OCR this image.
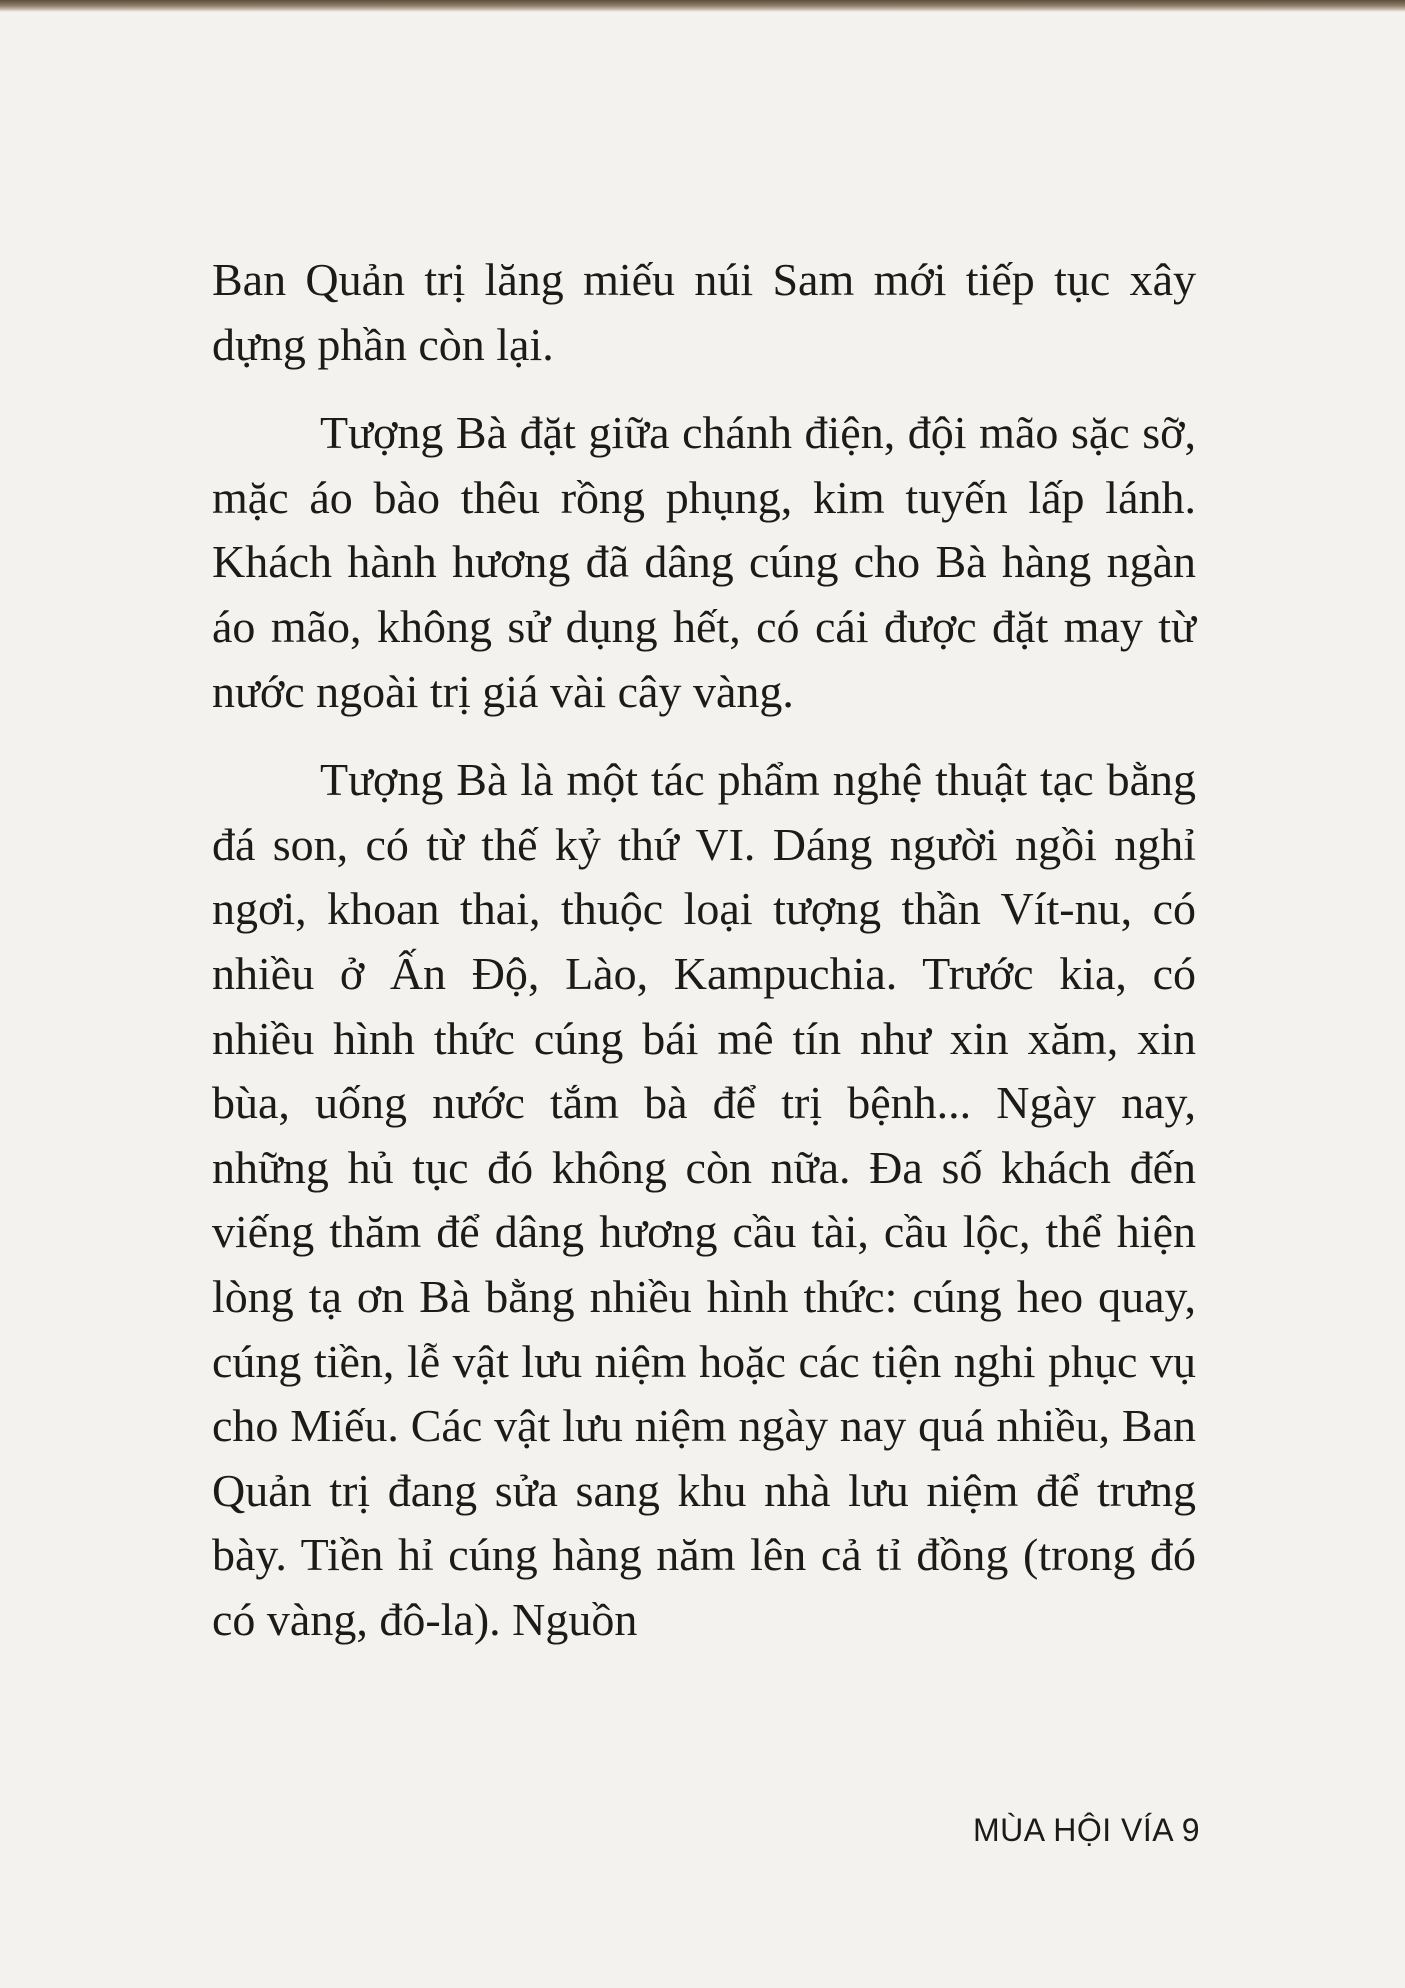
Ban Quản trị lăng miếu núi Sam mới tiếp tục xây dựng phần còn lại.

Tượng Bà đặt giữa chánh điện, đội mão sặc sỡ, mặc áo bào thêu rồng phụng, kim tuyến lấp lánh. Khách hành hương đã dâng cúng cho Bà hàng ngàn áo mão, không sử dụng hết, có cái được đặt may từ nước ngoài trị giá vài cây vàng.

Tượng Bà là một tác phẩm nghệ thuật tạc bằng đá son, có từ thế kỷ thứ VI. Dáng người ngồi nghỉ ngơi, khoan thai, thuộc loại tượng thần Vít-nu, có nhiều ở Ấn Độ, Lào, Kampuchia. Trước kia, có nhiều hình thức cúng bái mê tín như xin xăm, xin bùa, uống nước tắm bà để trị bệnh... Ngày nay, những hủ tục đó không còn nữa. Đa số khách đến viếng thăm để dâng hương cầu tài, cầu lộc, thể hiện lòng tạ ơn Bà bằng nhiều hình thức: cúng heo quay, cúng tiền, lễ vật lưu niệm hoặc các tiện nghi phục vụ cho Miếu. Các vật lưu niệm ngày nay quá nhiều, Ban Quản trị đang sửa sang khu nhà lưu niệm để trưng bày. Tiền hỉ cúng hàng năm lên cả tỉ đồng (trong đó có vàng, đô-la). Nguồn

MÙA HỘI VÍA 9
